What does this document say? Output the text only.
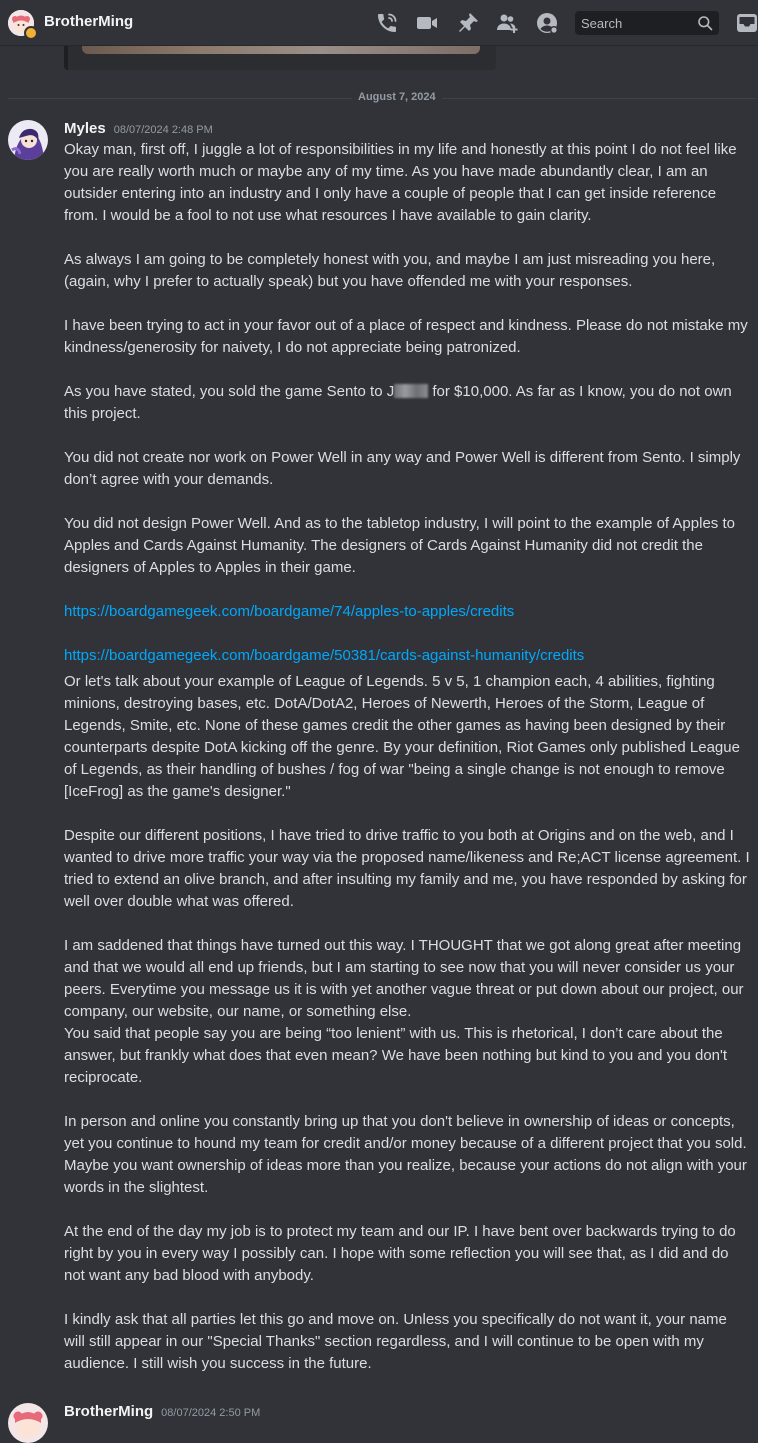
BrotherMing
Search
August 7, 2024
Myles 08/07/2024 2:48 PM

Okay man, first off, I juggle a lot of responsibilities in my life and honestly at this point I do not feel like you are really worth much or maybe any of my time. As you have made abundantly clear, I am an outsider entering into an industry and I only have a couple of people that I can get inside reference from. I would be a fool to not use what resources I have available to gain clarity.

As always I am going to be completely honest with you, and maybe I am just misreading you here, (again, why I prefer to actually speak) but you have offended me with your responses.

I have been trying to act in your favor out of a place of respect and kindness. Please do not mistake my kindness/generosity for naivety, I do not appreciate being patronized.

As you have stated, you sold the game Sento to J for $10,000. As far as I know, you do not own this project.

You did not create nor work on Power Well in any way and Power Well is different from Sento. I simply don’t agree with your demands.

You did not design Power Well. And as to the tabletop industry, I will point to the example of Apples to Apples and Cards Against Humanity. The designers of Cards Against Humanity did not credit the designers of Apples to Apples in their game.

https://boardgamegeek.com/boardgame/74/apples-to-apples/credits

https://boardgamegeek.com/boardgame/50381/cards-against-humanity/credits

Or let's talk about your example of League of Legends. 5 v 5, 1 champion each, 4 abilities, fighting minions, destroying bases, etc. DotA/DotA2, Heroes of Newerth, Heroes of the Storm, League of Legends, Smite, etc. None of these games credit the other games as having been designed by their counterparts despite DotA kicking off the genre. By your definition, Riot Games only published League of Legends, as their handling of bushes / fog of war "being a single change is not enough to remove [IceFrog] as the game's designer."

Despite our different positions, I have tried to drive traffic to you both at Origins and on the web, and I wanted to drive more traffic your way via the proposed name/likeness and Re;ACT license agreement. I tried to extend an olive branch, and after insulting my family and me, you have responded by asking for well over double what was offered.

I am saddened that things have turned out this way. I THOUGHT that we got along great after meeting and that we would all end up friends, but I am starting to see now that you will never consider us your peers. Everytime you message us it is with yet another vague threat or put down about our project, our company, our website, our name, or something else.

You said that people say you are being “too lenient” with us. This is rhetorical, I don’t care about the answer, but frankly what does that even mean? We have been nothing but kind to you and you don't reciprocate.

In person and online you constantly bring up that you don't believe in ownership of ideas or concepts, yet you continue to hound my team for credit and/or money because of a different project that you sold. Maybe you want ownership of ideas more than you realize, because your actions do not align with your words in the slightest.

At the end of the day my job is to protect my team and our IP. I have bent over backwards trying to do right by you in every way I possibly can. I hope with some reflection you will see that, as I did and do not want any bad blood with anybody.

I kindly ask that all parties let this go and move on. Unless you specifically do not want it, your name will still appear in our "Special Thanks" section regardless, and I will continue to be open with my audience. I still wish you success in the future.

BrotherMing 08/07/2024 2:50 PM
